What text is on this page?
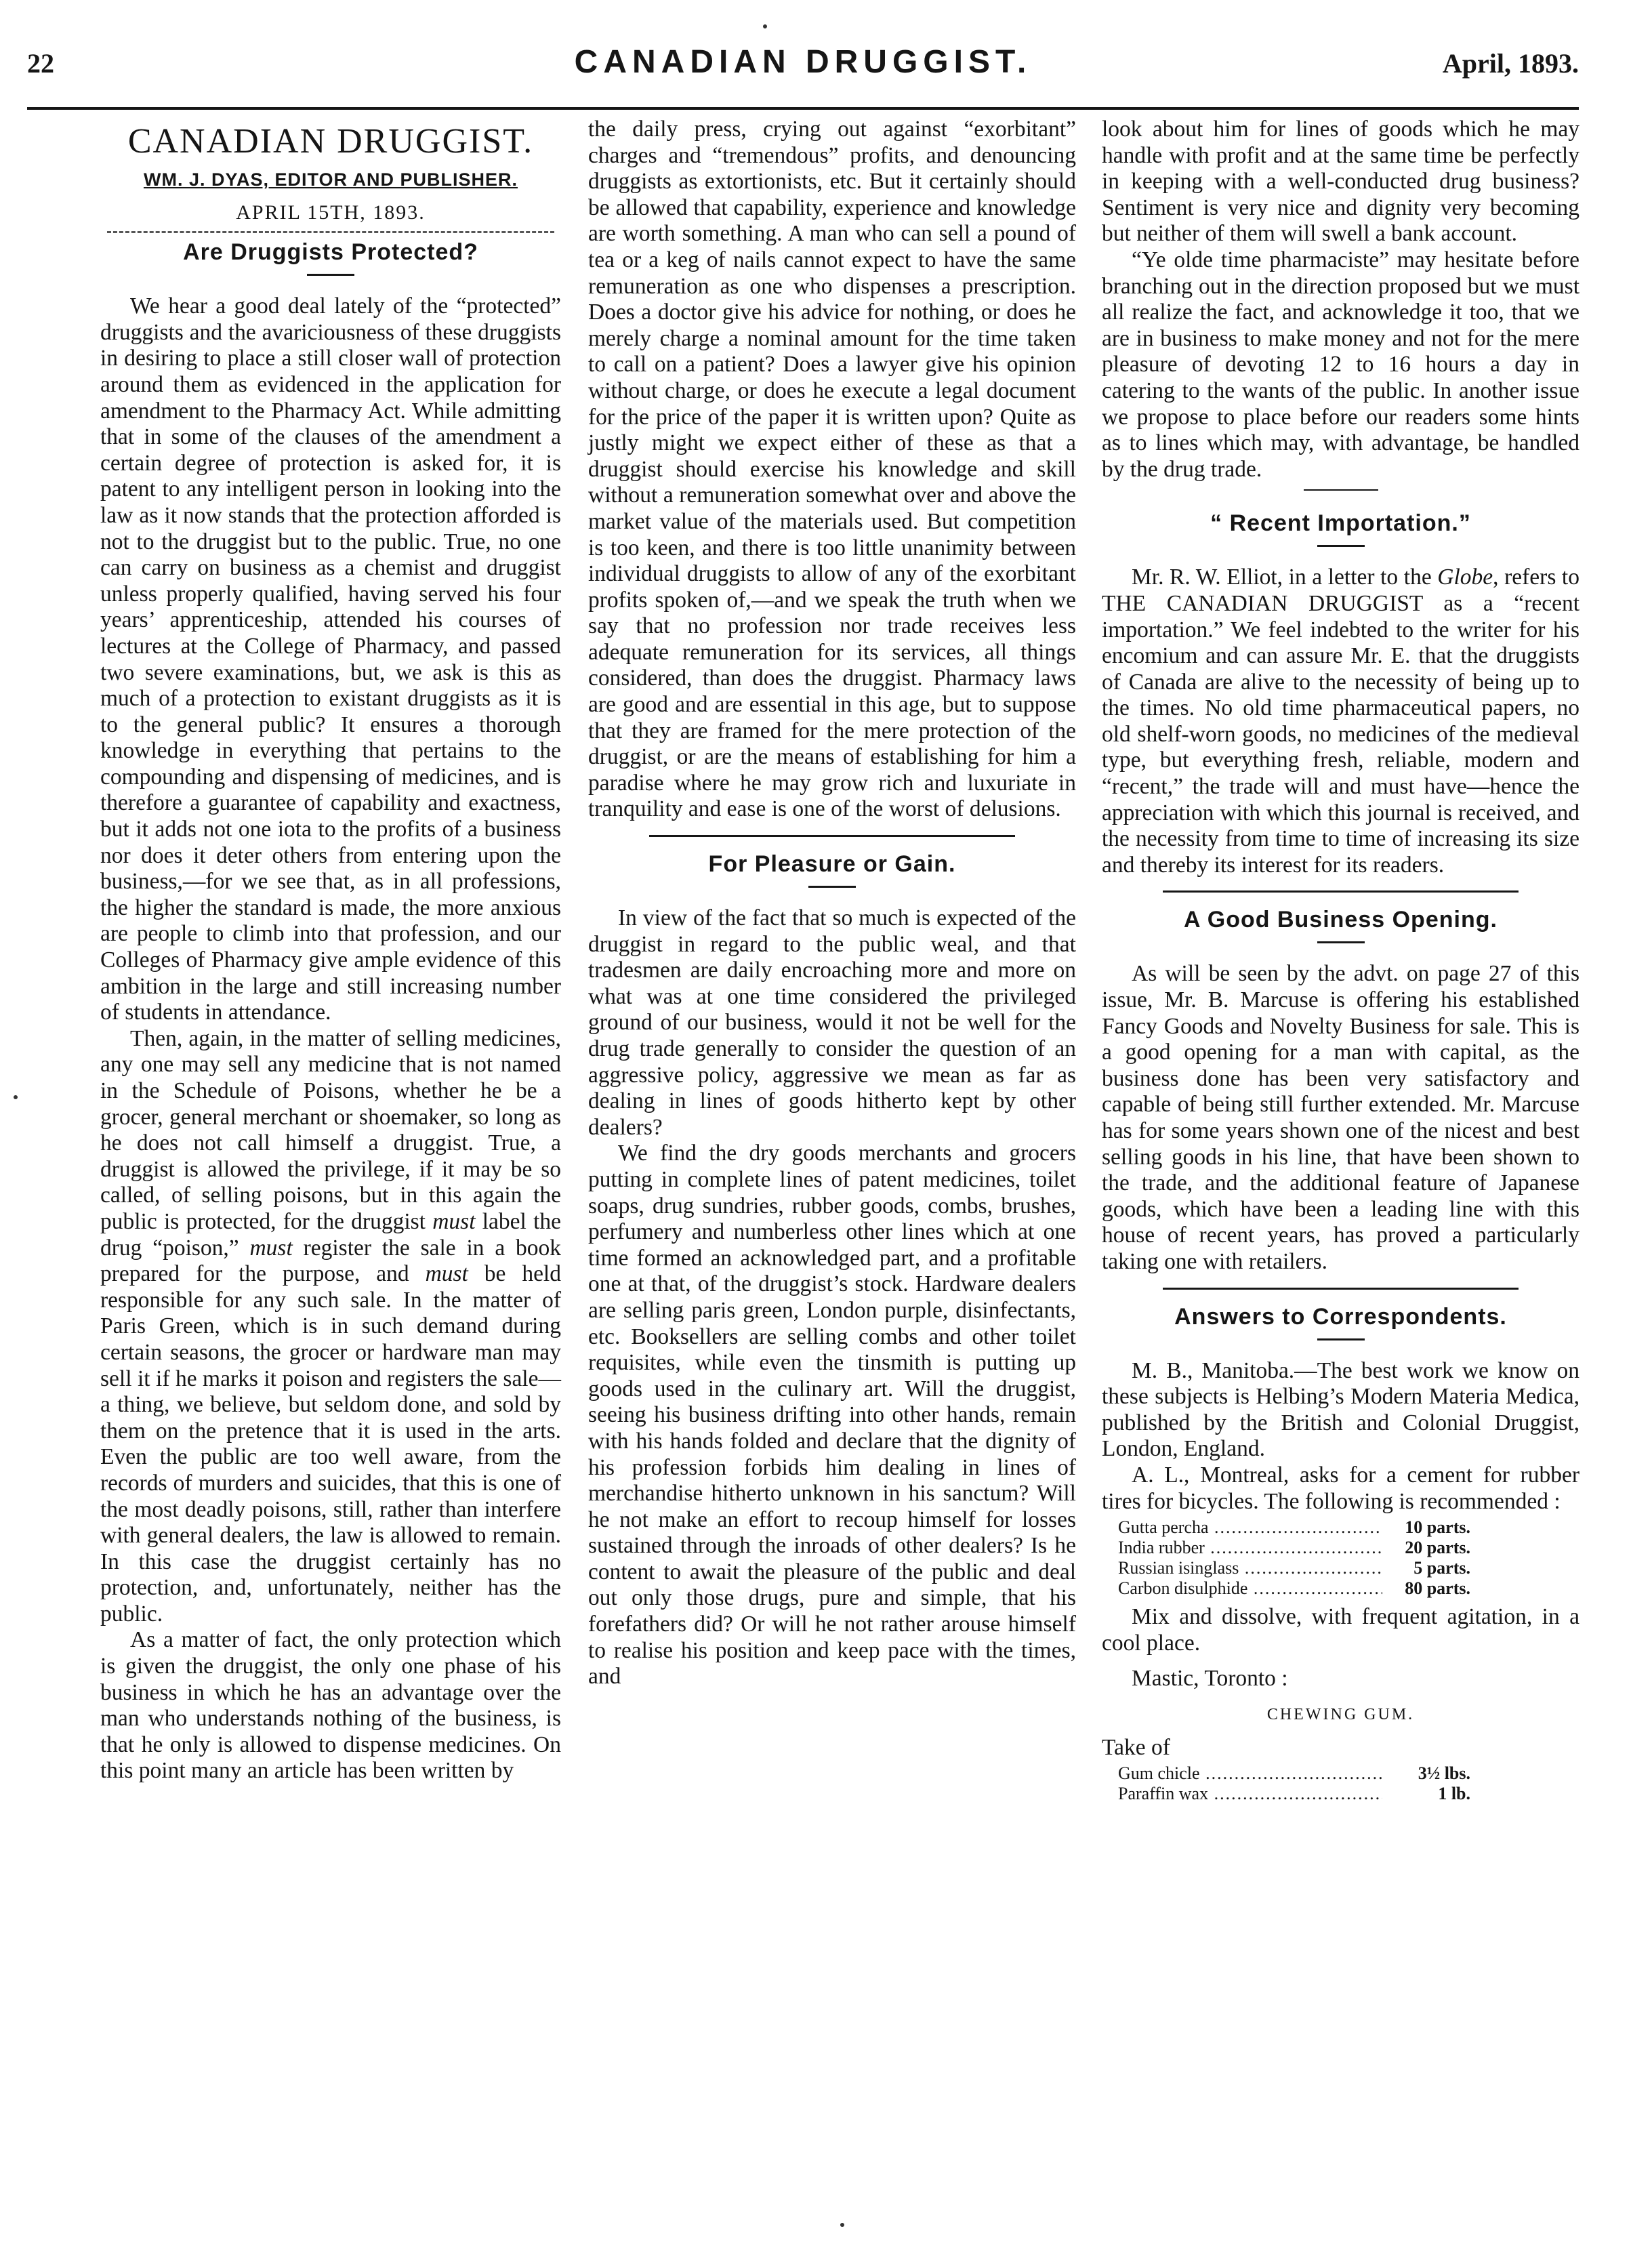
22	CANADIAN DRUGGIST.	April, 1893.
CANADIAN DRUGGIST.
WM. J. DYAS, EDITOR AND PUBLISHER.
APRIL 15TH, 1893.
Are Druggists Protected?

We hear a good deal lately of the “protected” druggists and the avariciousness of these druggists in desiring to place a still closer wall of protection around them as evidenced in the application for amendment to the Pharmacy Act. While admitting that in some of the clauses of the amendment a certain degree of protection is asked for, it is patent to any intelligent person in looking into the law as it now stands that the protection afforded is not to the druggist but to the public. True, no one can carry on business as a chemist and druggist unless properly qualified, having served his four years’ apprenticeship, attended his courses of lectures at the College of Pharmacy, and passed two severe examinations, but, we ask is this as much of a protection to existant druggists as it is to the general public? It ensures a thorough knowledge in everything that pertains to the compounding and dispensing of medicines, and is therefore a guarantee of capability and exactness, but it adds not one iota to the profits of a business nor does it deter others from entering upon the business,—for we see that, as in all professions, the higher the standard is made, the more anxious are people to climb into that profession, and our Colleges of Pharmacy give ample evidence of this ambition in the large and still increasing number of students in attendance.

Then, again, in the matter of selling medicines, any one may sell any medicine that is not named in the Schedule of Poisons, whether he be a grocer, general merchant or shoemaker, so long as he does not call himself a druggist. True, a druggist is allowed the privilege, if it may be so called, of selling poisons, but in this again the public is protected, for the druggist must label the drug “poison,” must register the sale in a book prepared for the purpose, and must be held responsible for any such sale. In the matter of Paris Green, which is in such demand during certain seasons, the grocer or hardware man may sell it if he marks it poison and registers the sale—a thing, we believe, but seldom done, and sold by them on the pretence that it is used in the arts. Even the public are too well aware, from the records of murders and suicides, that this is one of the most deadly poisons, still, rather than interfere with general dealers, the law is allowed to remain. In this case the druggist certainly has no protection, and, unfortunately, neither has the public.

As a matter of fact, the only protection which is given the druggist, the only one phase of his business in which he has an advantage over the man who understands nothing of the business, is that he only is allowed to dispense medicines. On this point many an article has been written by

the daily press, crying out against “exorbitant” charges and “tremendous” profits, and denouncing druggists as extortionists, etc. But it certainly should be allowed that capability, experience and knowledge are worth something. A man who can sell a pound of tea or a keg of nails cannot expect to have the same remuneration as one who dispenses a prescription. Does a doctor give his advice for nothing, or does he merely charge a nominal amount for the time taken to call on a patient? Does a lawyer give his opinion without charge, or does he execute a legal document for the price of the paper it is written upon? Quite as justly might we expect either of these as that a druggist should exercise his knowledge and skill without a remuneration somewhat over and above the market value of the materials used. But competition is too keen, and there is too little unanimity between individual druggists to allow of any of the exorbitant profits spoken of,—and we speak the truth when we say that no profession nor trade receives less adequate remuneration for its services, all things considered, than does the druggist. Pharmacy laws are good and are essential in this age, but to suppose that they are framed for the mere protection of the druggist, or are the means of establishing for him a paradise where he may grow rich and luxuriate in tranquility and ease is one of the worst of delusions.

For Pleasure or Gain.

In view of the fact that so much is expected of the druggist in regard to the public weal, and that tradesmen are daily encroaching more and more on what was at one time considered the privileged ground of our business, would it not be well for the drug trade generally to consider the question of an aggressive policy, aggressive we mean as far as dealing in lines of goods hitherto kept by other dealers?

We find the dry goods merchants and grocers putting in complete lines of patent medicines, toilet soaps, drug sundries, rubber goods, combs, brushes, perfumery and numberless other lines which at one time formed an acknowledged part, and a profitable one at that, of the druggist’s stock. Hardware dealers are selling paris green, London purple, disinfectants, etc. Booksellers are selling combs and other toilet requisites, while even the tinsmith is putting up goods used in the culinary art. Will the druggist, seeing his business drifting into other hands, remain with his hands folded and declare that the dignity of his profession forbids him dealing in lines of merchandise hitherto unknown in his sanctum? Will he not make an effort to recoup himself for losses sustained through the inroads of other dealers? Is he content to await the pleasure of the public and deal out only those drugs, pure and simple, that his forefathers did? Or will he not rather arouse himself to realise his position and keep pace with the times, and

look about him for lines of goods which he may handle with profit and at the same time be perfectly in keeping with a well-conducted drug business? Sentiment is very nice and dignity very becoming but neither of them will swell a bank account.

“Ye olde time pharmaciste” may hesitate before branching out in the direction proposed but we must all realize the fact, and acknowledge it too, that we are in business to make money and not for the mere pleasure of devoting 12 to 16 hours a day in catering to the wants of the public. In another issue we propose to place before our readers some hints as to lines which may, with advantage, be handled by the drug trade.

“ Recent Importation.”

Mr. R. W. Elliot, in a letter to the Globe, refers to THE CANADIAN DRUGGIST as a “recent importation.” We feel indebted to the writer for his encomium and can assure Mr. E. that the druggists of Canada are alive to the necessity of being up to the times. No old time pharmaceutical papers, no old shelf-worn goods, no medicines of the medieval type, but everything fresh, reliable, modern and “recent,” the trade will and must have—hence the appreciation with which this journal is received, and the necessity from time to time of increasing its size and thereby its interest for its readers.

A Good Business Opening.

As will be seen by the advt. on page 27 of this issue, Mr. B. Marcuse is offering his established Fancy Goods and Novelty Business for sale. This is a good opening for a man with capital, as the business done has been very satisfactory and capable of being still further extended. Mr. Marcuse has for some years shown one of the nicest and best selling goods in his line, that have been shown to the trade, and the additional feature of Japanese goods, which have been a leading line with this house of recent years, has proved a particularly taking one with retailers.

Answers to Correspondents.

M. B., Manitoba.—The best work we know on these subjects is Helbing’s Modern Materia Medica, published by the British and Colonial Druggist, London, England.

A. L., Montreal, asks for a cement for rubber tires for bicycles. The following is recommended :

Gutta percha .....	10 parts.
India rubber .....	20 parts.
Russian isinglass .....	5 parts.
Carbon disulphide .....	80 parts.

Mix and dissolve, with frequent agitation, in a cool place.

Mastic, Toronto :

CHEWING GUM.

Take of

Gum chicle .....	3½ lbs.
Paraffin wax .....	1 lb.
